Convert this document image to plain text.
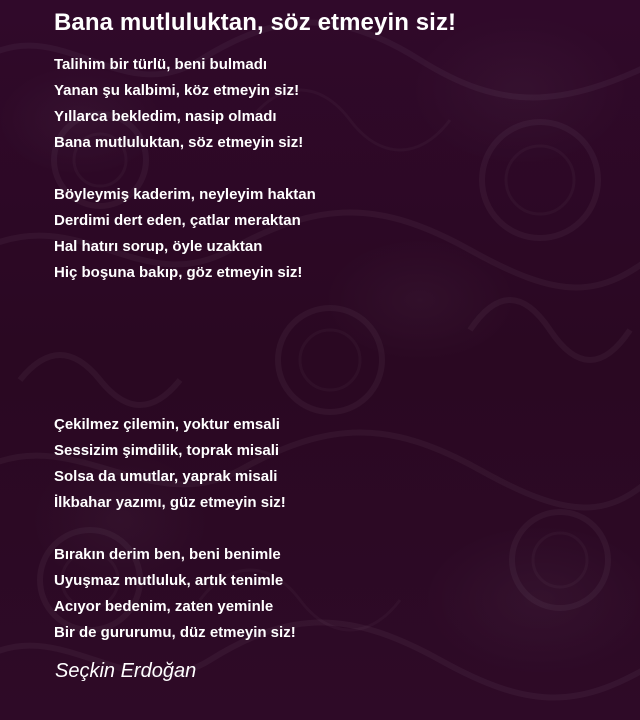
Bana mutluluktan, söz etmeyin siz!
Talihim bir türlü, beni bulmadı
Yanan şu kalbimi, köz etmeyin siz!
Yıllarca bekledim, nasip olmadı
Bana mutluluktan, söz etmeyin siz!
Böyleymiş kaderim, neyleyim haktan
Derdimi dert eden, çatlar meraktan
Hal hatırı sorup, öyle uzaktan
Hiç boşuna bakıp, göz etmeyin siz!
Çekilmez çilemin, yoktur emsali
Sessizim şimdilik, toprak misali
Solsa da umutlar, yaprak misali
İlkbahar yazımı, güz etmeyin siz!
Bırakın derim ben, beni benimle
Uyuşmaz mutluluk, artık tenimle
Acıyor bedenim, zaten yeminle
Bir de gururumu, düz etmeyin siz!

Seçkin Erdoğan
